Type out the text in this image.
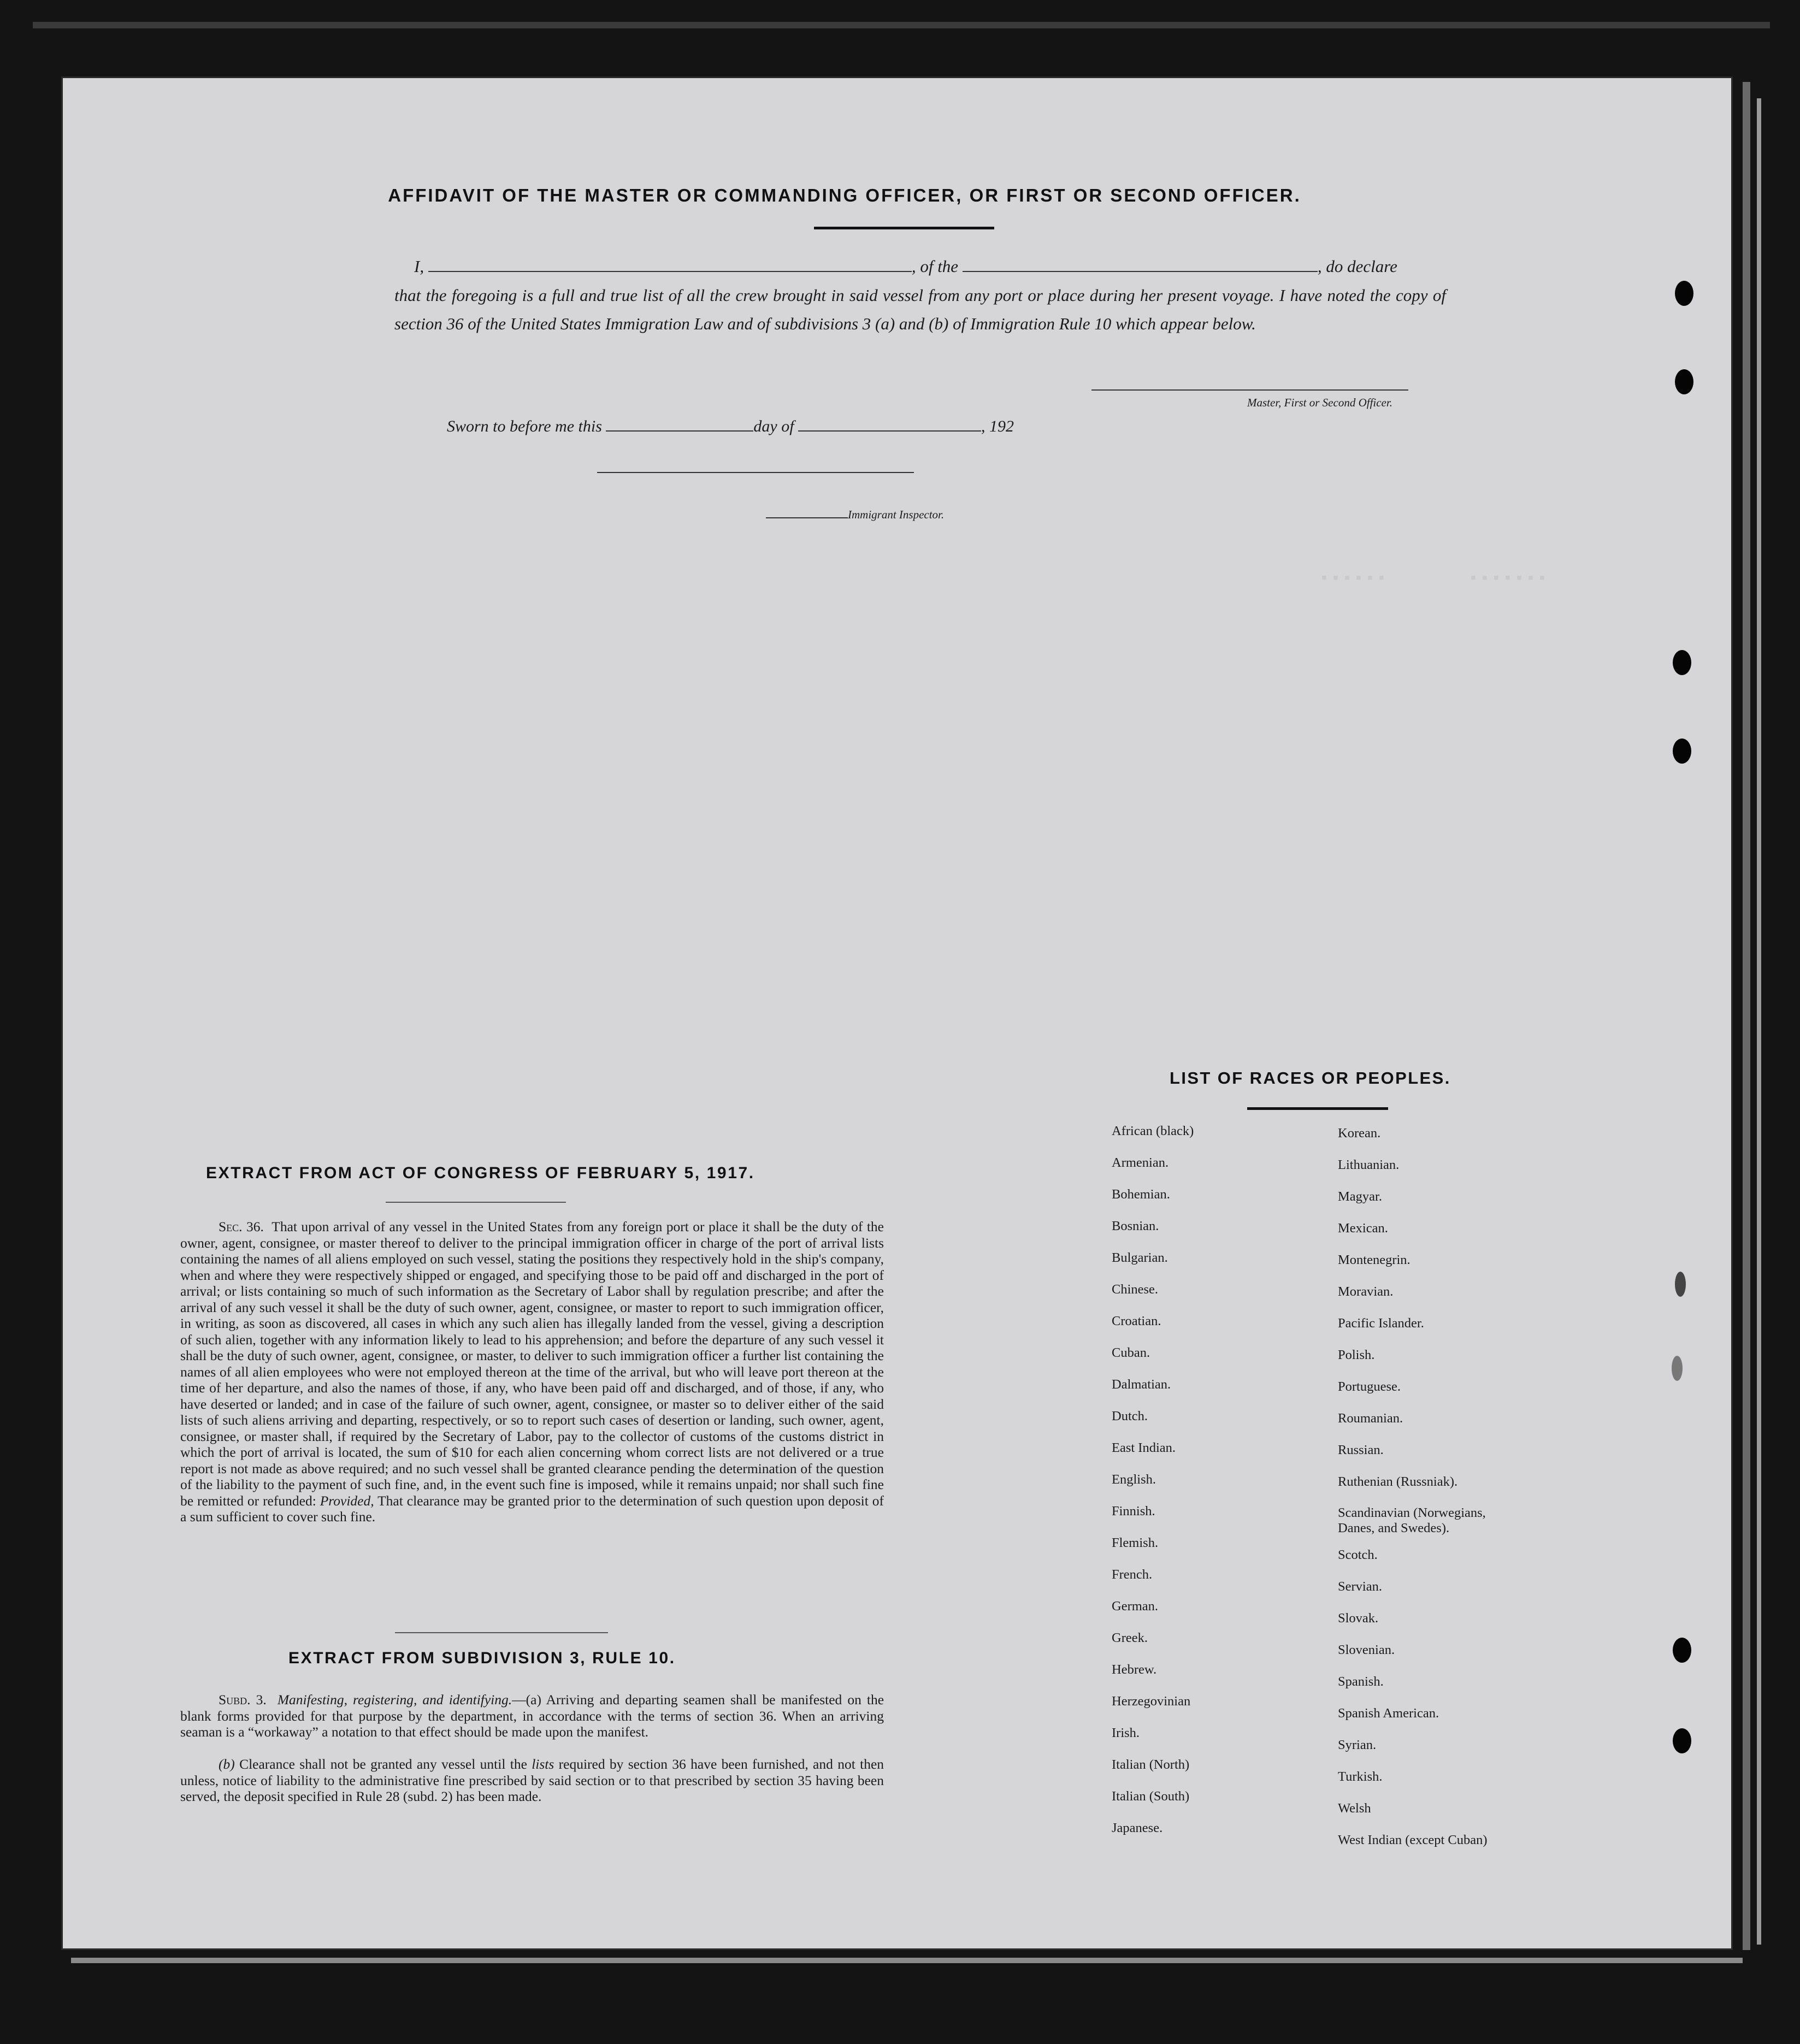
▪▪▪▪▪▪       ▪▪▪▪▪▪▪
AFFIDAVIT OF THE MASTER OR COMMANDING OFFICER, OR FIRST OR SECOND OFFICER.
I,	, of the	, do declare
that the foregoing is a full and true list of all the crew brought in said vessel from any port or place during her present voyage. I have noted the copy of section 36 of the United States Immigration Law and of subdivisions 3 (a) and (b) of Immigration Rule 10 which appear below.
Master, First or Second Officer.
Sworn to before me this	day of	, 192
Immigrant Inspector.
EXTRACT FROM ACT OF CONGRESS OF FEBRUARY 5, 1917.
Sec. 36. That upon arrival of any vessel in the United States from any foreign port or place it shall be the duty of the owner, agent, consignee, or master thereof to deliver to the principal immigration officer in charge of the port of arrival lists containing the names of all aliens employed on such vessel, stating the positions they respectively hold in the ship's company, when and where they were respectively shipped or engaged, and specifying those to be paid off and discharged in the port of arrival; or lists containing so much of such information as the Secretary of Labor shall by regulation prescribe; and after the arrival of any such vessel it shall be the duty of such owner, agent, consignee, or master to report to such immigration officer, in writing, as soon as discovered, all cases in which any such alien has illegally landed from the vessel, giving a description of such alien, together with any information likely to lead to his apprehension; and before the departure of any such vessel it shall be the duty of such owner, agent, consignee, or master, to deliver to such immigration officer a further list containing the names of all alien employees who were not employed thereon at the time of the arrival, but who will leave port thereon at the time of her departure, and also the names of those, if any, who have been paid off and discharged, and of those, if any, who have deserted or landed; and in case of the failure of such owner, agent, consignee, or master so to deliver either of the said lists of such aliens arriving and departing, respectively, or so to report such cases of desertion or landing, such owner, agent, consignee, or master shall, if required by the Secretary of Labor, pay to the collector of customs of the customs district in which the port of arrival is located, the sum of $10 for each alien concerning whom correct lists are not delivered or a true report is not made as above required; and no such vessel shall be granted clearance pending the determination of the question of the liability to the payment of such fine, and, in the event such fine is imposed, while it remains unpaid; nor shall such fine be remitted or refunded: Provided, That clearance may be granted prior to the determination of such question upon deposit of a sum sufficient to cover such fine.
EXTRACT FROM SUBDIVISION 3, RULE 10.
Subd. 3. Manifesting, registering, and identifying.—(a) Arriving and departing seamen shall be manifested on the blank forms provided for that purpose by the department, in accordance with the terms of section 36. When an arriving seaman is a “workaway” a notation to that effect should be made upon the manifest.
(b) Clearance shall not be granted any vessel until the lists required by section 36 have been furnished, and not then unless, notice of liability to the administrative fine prescribed by said section or to that prescribed by section 35 having been served, the deposit specified in Rule 28 (subd. 2) has been made.
LIST OF RACES OR PEOPLES.
African (black)
Armenian.
Bohemian.
Bosnian.
Bulgarian.
Chinese.
Croatian.
Cuban.
Dalmatian.
Dutch.
East Indian.
English.
Finnish.
Flemish.
French.
German.
Greek.
Hebrew.
Herzegovinian
Irish.
Italian (North)
Italian (South)
Japanese.
Korean.
Lithuanian.
Magyar.
Mexican.
Montenegrin.
Moravian.
Pacific Islander.
Polish.
Portuguese.
Roumanian.
Russian.
Ruthenian (Russniak).
Scandinavian (Norwegians, Danes, and Swedes).
Scotch.
Servian.
Slovak.
Slovenian.
Spanish.
Spanish American.
Syrian.
Turkish.
Welsh
West Indian (except Cuban)
